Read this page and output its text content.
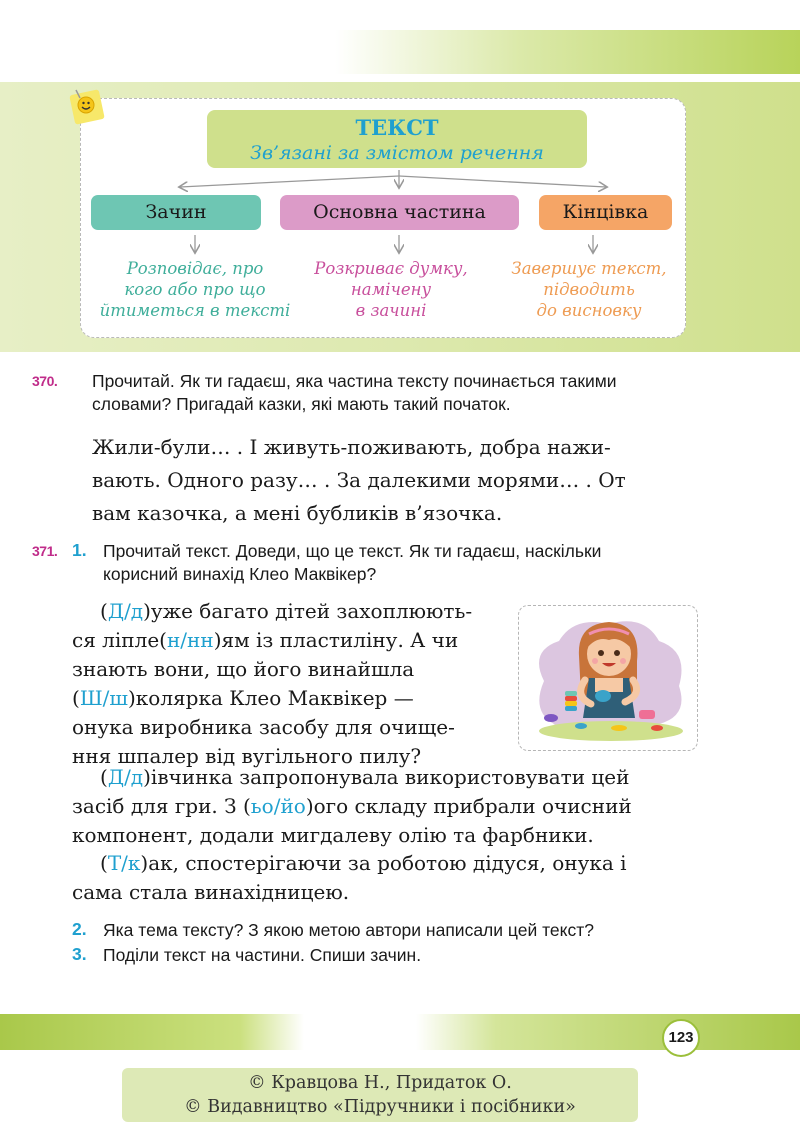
ТЕКСТ
Зв’язані за змістом речення
Зачин	Основна частина	Кінцівка
Розповідає, про
кого або про що
йтиметься в тексті
Розкриває думку,
намічену
в зачині
Завершує текст,
підводить
до висновку
370. Прочитай. Як ти гадаєш, яка частина тексту починається такими
словами? Пригадай казки, які мають такий початок.
Жили-були… . І живуть-поживають, добра нажи-
вають. Одного разу… . За далекими морями… . От
вам казочка, а мені бубликів в’язочка.
371. 1. Прочитай текст. Доведи, що це текст. Як ти гадаєш, наскільки
корисний винахід Клео Маквікер?
(Д/д)уже багато дітей захоплюють-
ся ліпле(н/нн)ям із пластиліну. А чи
знають вони, що його винайшла
(Ш/ш)колярка Клео Маквікер —
онука виробника засобу для очище-
ння шпалер від вугільного пилу?
(Д/д)івчинка запропонувала використовувати цей
засіб для гри. З (ьо/йо)ого складу прибрали очисний
компонент, додали мигдалеву олію та фарбники.
(Т/к)ак, спостерігаючи за роботою дідуся, онука і
сама стала винахідницею.
2. Яка тема тексту? З якою метою автори написали цей текст?
3. Поділи текст на частини. Спиши зачин.
123
© Кравцова Н., Придаток О.
© Видавництво «Підручники і посібники»
